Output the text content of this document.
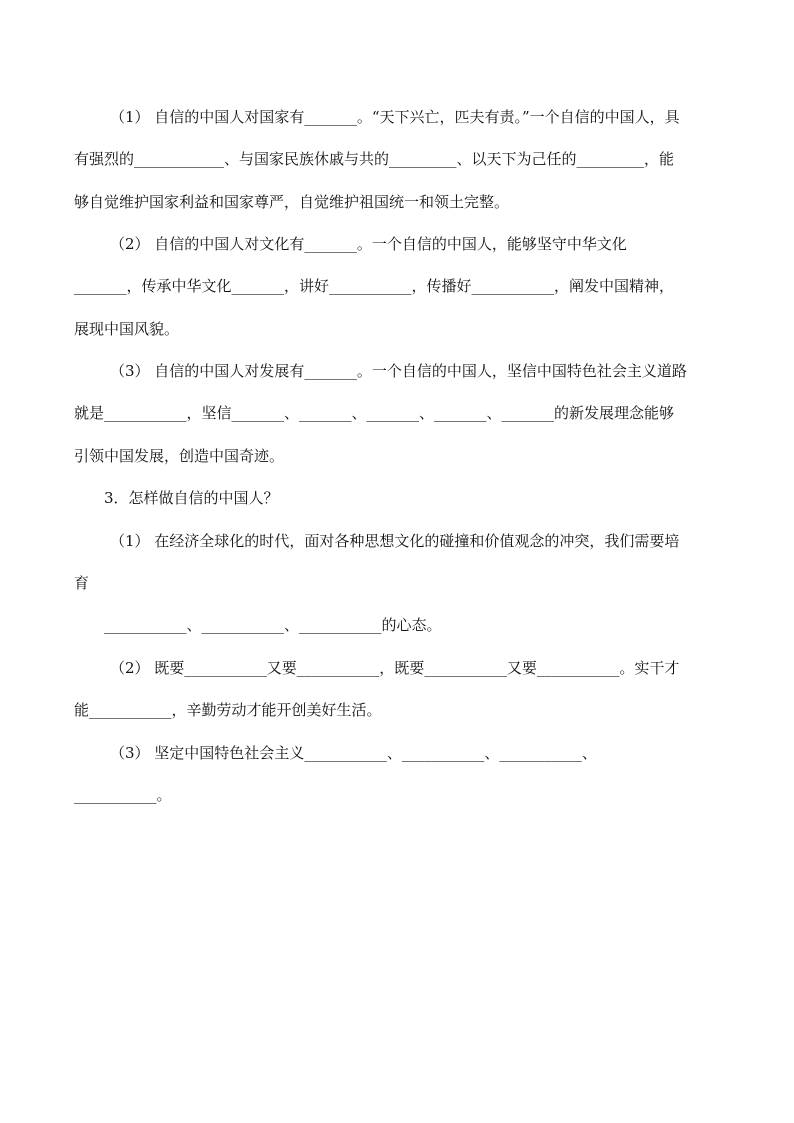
（1） 自信的中国人对国家有_______。“天下兴亡，匹夫有责。”一个自信的中国人，具
有强烈的____________、与国家民族休戚与共的_________、以天下为己任的_________，能
够自觉维护国家利益和国家尊严，自觉维护祖国统一和领土完整。
（2） 自信的中国人对文化有_______。一个自信的中国人，能够坚守中华文化
_______，传承中华文化_______，讲好___________，传播好___________，阐发中国精神，
展现中国风貌。
（3） 自信的中国人对发展有_______。一个自信的中国人，坚信中国特色社会主义道路
就是___________，坚信_______、_______、_______、_______、_______的新发展理念能够
引领中国发展，创造中国奇迹。
3．怎样做自信的中国人？
（1） 在经济全球化的时代，面对各种思想文化的碰撞和价值观念的冲突，我们需要培
育
___________、___________、___________的心态。
（2） 既要___________又要___________，既要___________又要___________。实干才
能___________，辛勤劳动才能开创美好生活。
（3） 坚定中国特色社会主义___________、___________、___________、
___________。
